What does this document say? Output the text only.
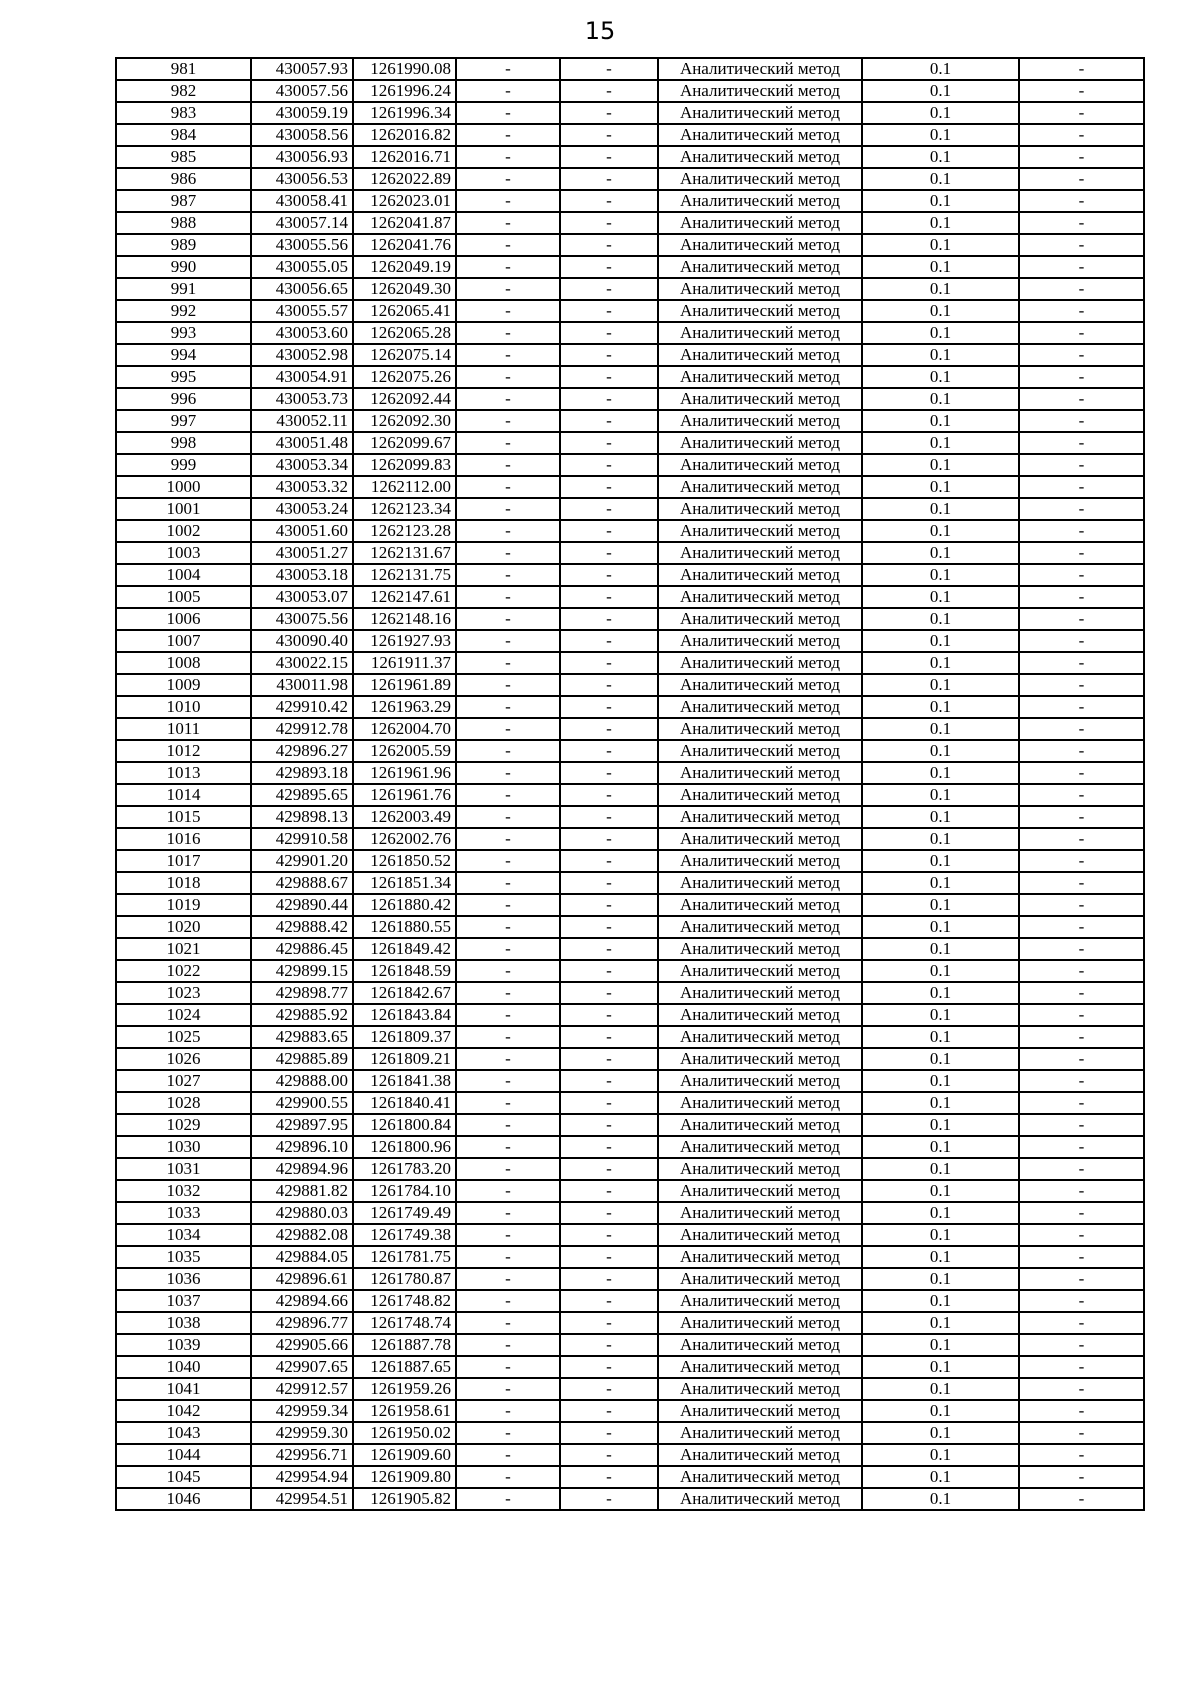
15
981	430057.93	1261990.08	-	-	Аналитический метод	0.1	-
982	430057.56	1261996.24	-	-	Аналитический метод	0.1	-
983	430059.19	1261996.34	-	-	Аналитический метод	0.1	-
984	430058.56	1262016.82	-	-	Аналитический метод	0.1	-
985	430056.93	1262016.71	-	-	Аналитический метод	0.1	-
986	430056.53	1262022.89	-	-	Аналитический метод	0.1	-
987	430058.41	1262023.01	-	-	Аналитический метод	0.1	-
988	430057.14	1262041.87	-	-	Аналитический метод	0.1	-
989	430055.56	1262041.76	-	-	Аналитический метод	0.1	-
990	430055.05	1262049.19	-	-	Аналитический метод	0.1	-
991	430056.65	1262049.30	-	-	Аналитический метод	0.1	-
992	430055.57	1262065.41	-	-	Аналитический метод	0.1	-
993	430053.60	1262065.28	-	-	Аналитический метод	0.1	-
994	430052.98	1262075.14	-	-	Аналитический метод	0.1	-
995	430054.91	1262075.26	-	-	Аналитический метод	0.1	-
996	430053.73	1262092.44	-	-	Аналитический метод	0.1	-
997	430052.11	1262092.30	-	-	Аналитический метод	0.1	-
998	430051.48	1262099.67	-	-	Аналитический метод	0.1	-
999	430053.34	1262099.83	-	-	Аналитический метод	0.1	-
1000	430053.32	1262112.00	-	-	Аналитический метод	0.1	-
1001	430053.24	1262123.34	-	-	Аналитический метод	0.1	-
1002	430051.60	1262123.28	-	-	Аналитический метод	0.1	-
1003	430051.27	1262131.67	-	-	Аналитический метод	0.1	-
1004	430053.18	1262131.75	-	-	Аналитический метод	0.1	-
1005	430053.07	1262147.61	-	-	Аналитический метод	0.1	-
1006	430075.56	1262148.16	-	-	Аналитический метод	0.1	-
1007	430090.40	1261927.93	-	-	Аналитический метод	0.1	-
1008	430022.15	1261911.37	-	-	Аналитический метод	0.1	-
1009	430011.98	1261961.89	-	-	Аналитический метод	0.1	-
1010	429910.42	1261963.29	-	-	Аналитический метод	0.1	-
1011	429912.78	1262004.70	-	-	Аналитический метод	0.1	-
1012	429896.27	1262005.59	-	-	Аналитический метод	0.1	-
1013	429893.18	1261961.96	-	-	Аналитический метод	0.1	-
1014	429895.65	1261961.76	-	-	Аналитический метод	0.1	-
1015	429898.13	1262003.49	-	-	Аналитический метод	0.1	-
1016	429910.58	1262002.76	-	-	Аналитический метод	0.1	-
1017	429901.20	1261850.52	-	-	Аналитический метод	0.1	-
1018	429888.67	1261851.34	-	-	Аналитический метод	0.1	-
1019	429890.44	1261880.42	-	-	Аналитический метод	0.1	-
1020	429888.42	1261880.55	-	-	Аналитический метод	0.1	-
1021	429886.45	1261849.42	-	-	Аналитический метод	0.1	-
1022	429899.15	1261848.59	-	-	Аналитический метод	0.1	-
1023	429898.77	1261842.67	-	-	Аналитический метод	0.1	-
1024	429885.92	1261843.84	-	-	Аналитический метод	0.1	-
1025	429883.65	1261809.37	-	-	Аналитический метод	0.1	-
1026	429885.89	1261809.21	-	-	Аналитический метод	0.1	-
1027	429888.00	1261841.38	-	-	Аналитический метод	0.1	-
1028	429900.55	1261840.41	-	-	Аналитический метод	0.1	-
1029	429897.95	1261800.84	-	-	Аналитический метод	0.1	-
1030	429896.10	1261800.96	-	-	Аналитический метод	0.1	-
1031	429894.96	1261783.20	-	-	Аналитический метод	0.1	-
1032	429881.82	1261784.10	-	-	Аналитический метод	0.1	-
1033	429880.03	1261749.49	-	-	Аналитический метод	0.1	-
1034	429882.08	1261749.38	-	-	Аналитический метод	0.1	-
1035	429884.05	1261781.75	-	-	Аналитический метод	0.1	-
1036	429896.61	1261780.87	-	-	Аналитический метод	0.1	-
1037	429894.66	1261748.82	-	-	Аналитический метод	0.1	-
1038	429896.77	1261748.74	-	-	Аналитический метод	0.1	-
1039	429905.66	1261887.78	-	-	Аналитический метод	0.1	-
1040	429907.65	1261887.65	-	-	Аналитический метод	0.1	-
1041	429912.57	1261959.26	-	-	Аналитический метод	0.1	-
1042	429959.34	1261958.61	-	-	Аналитический метод	0.1	-
1043	429959.30	1261950.02	-	-	Аналитический метод	0.1	-
1044	429956.71	1261909.60	-	-	Аналитический метод	0.1	-
1045	429954.94	1261909.80	-	-	Аналитический метод	0.1	-
1046	429954.51	1261905.82	-	-	Аналитический метод	0.1	-
